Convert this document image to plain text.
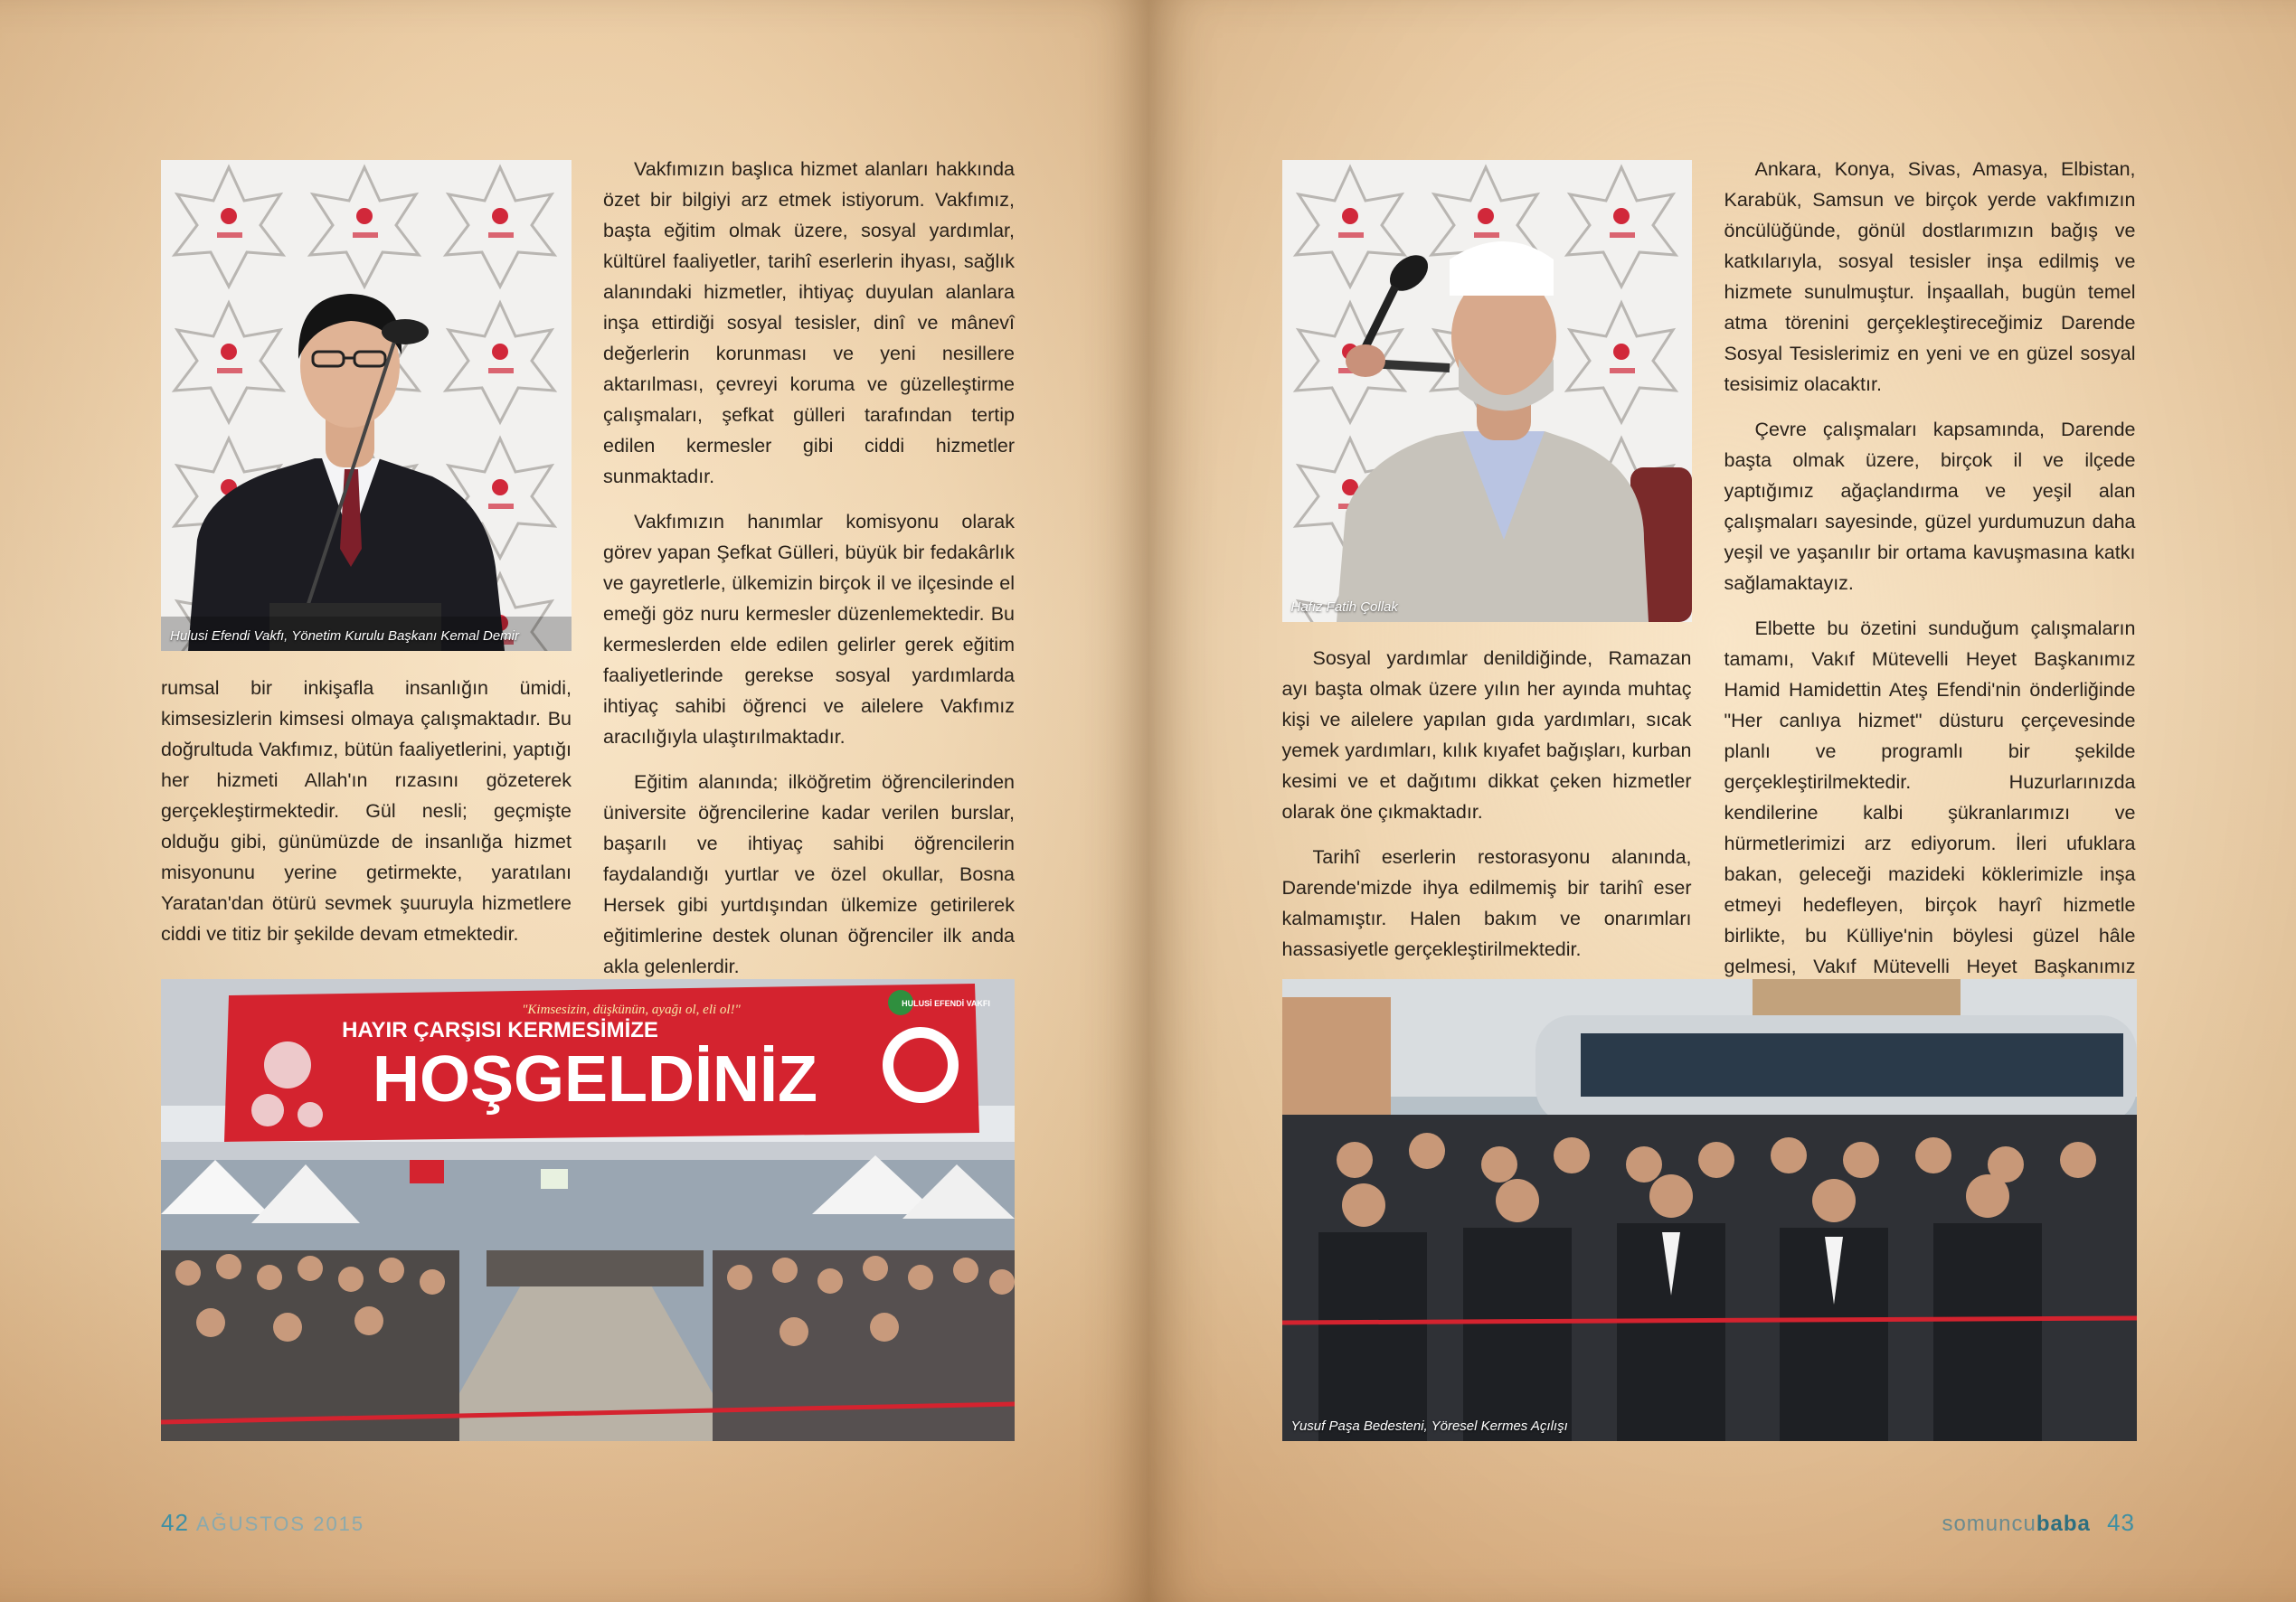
Hulusi Efendi Vakfı, Yönetim Kurulu Başkanı Kemal Demir

rumsal bir inkişafla insanlığın ümidi, kimsesizlerin kimsesi olmaya çalışmaktadır. Bu doğrultuda Vakfımız, bütün faaliyetlerini, yaptığı her hizmeti Allah'ın rızasını gözeterek gerçekleştirmektedir. Gül nesli; geçmişte olduğu gibi, günümüzde de insanlığa hizmet misyonunu yerine getirmekte, yaratılanı Yaratan'dan ötürü sevmek şuuruyla hizmetlere ciddi ve titiz bir şekilde devam etmektedir.

Vakfımızın başlıca hizmet alanları hakkında özet bir bilgiyi arz etmek istiyorum. Vakfımız, başta eğitim olmak üzere, sosyal yardımlar, kültürel faaliyetler, tarihî eserlerin ihyası, sağlık alanındaki hizmetler, ihtiyaç duyulan alanlara inşa ettirdiği sosyal tesisler, dinî ve mânevî değerlerin korunması ve yeni nesillere aktarılması, çevreyi koruma ve güzelleştirme çalışmaları, şefkat gülleri tarafından tertip edilen kermesler gibi ciddi hizmetler sunmaktadır.

Vakfımızın hanımlar komisyonu olarak görev yapan Şefkat Gülleri, büyük bir fedakârlık ve gayretlerle, ülkemizin birçok il ve ilçesinde el emeği göz nuru kermesler düzenlemektedir. Bu kermeslerden elde edilen gelirler gerek eğitim faaliyetlerinde gerekse sosyal yardımlarda ihtiyaç sahibi öğrenci ve ailelere Vakfımız aracılığıyla ulaştırılmaktadır.

Eğitim alanında; ilköğretim öğrencilerinden üniversite öğrencilerine kadar verilen burslar, başarılı ve ihtiyaç sahibi öğrencilerin faydalandığı yurtlar ve özel okullar, Bosna Hersek gibi yurtdışından ülkemize getirilerek eğitimlerine destek olunan öğrenciler ilk anda akla gelenlerdir.

"Kimsesizin, düşkünün, ayağı ol, eli ol!"
HAYIR ÇARŞISI KERMESİMİZE
HOŞGELDİNİZ
HULUSİ EFENDİ VAKFI
42 AĞUSTOS 2015
Hafız Fatih Çollak

Sosyal yardımlar denildiğinde, Ramazan ayı başta olmak üzere yılın her ayında muhtaç kişi ve ailelere yapılan gıda yardımları, sıcak yemek yardımları, kılık kıyafet bağışları, kurban kesimi ve et dağıtımı dikkat çeken hizmetler olarak öne çıkmaktadır.

Tarihî eserlerin restorasyonu alanında, Darende'mizde ihya edilmemiş bir tarihî eser kalmamıştır. Halen bakım ve onarımları hassasiyetle gerçekleştirilmektedir.

Ankara, Konya, Sivas, Amasya, Elbistan, Karabük, Samsun ve birçok yerde vakfımızın öncülüğünde, gönül dostlarımızın bağış ve katkılarıyla, sosyal tesisler inşa edilmiş ve hizmete sunulmuştur. İnşaallah, bugün temel atma törenini gerçekleştireceğimiz Darende Sosyal Tesislerimiz en yeni ve en güzel sosyal tesisimiz olacaktır.

Çevre çalışmaları kapsamında, Darende başta olmak üzere, birçok il ve ilçede yaptığımız ağaçlandırma ve yeşil alan çalışmaları sayesinde, güzel yurdumuzun daha yeşil ve yaşanılır bir ortama kavuşmasına katkı sağlamaktayız.

Elbette bu özetini sunduğum çalışmaların tamamı, Vakıf Mütevelli Heyet Başkanımız Hamid Hamidettin Ateş Efendi'nin önderliğinde "Her canlıya hizmet" düsturu çerçevesinde planlı ve programlı bir şekilde gerçekleştirilmektedir. Huzurlarınızda kendilerine kalbi şükranlarımızı ve hürmetlerimizi arz ediyorum. İleri ufuklara bakan, geleceği mazideki köklerimizle inşa etmeyi hedefleyen, birçok hayrî hizmetle birlikte, bu Külliye'nin böylesi güzel hâle gelmesi, Vakıf Mütevelli Heyet Başkanımız

Yusuf Paşa Bedesteni, Yöresel Kermes Açılışı
somuncubaba 43
